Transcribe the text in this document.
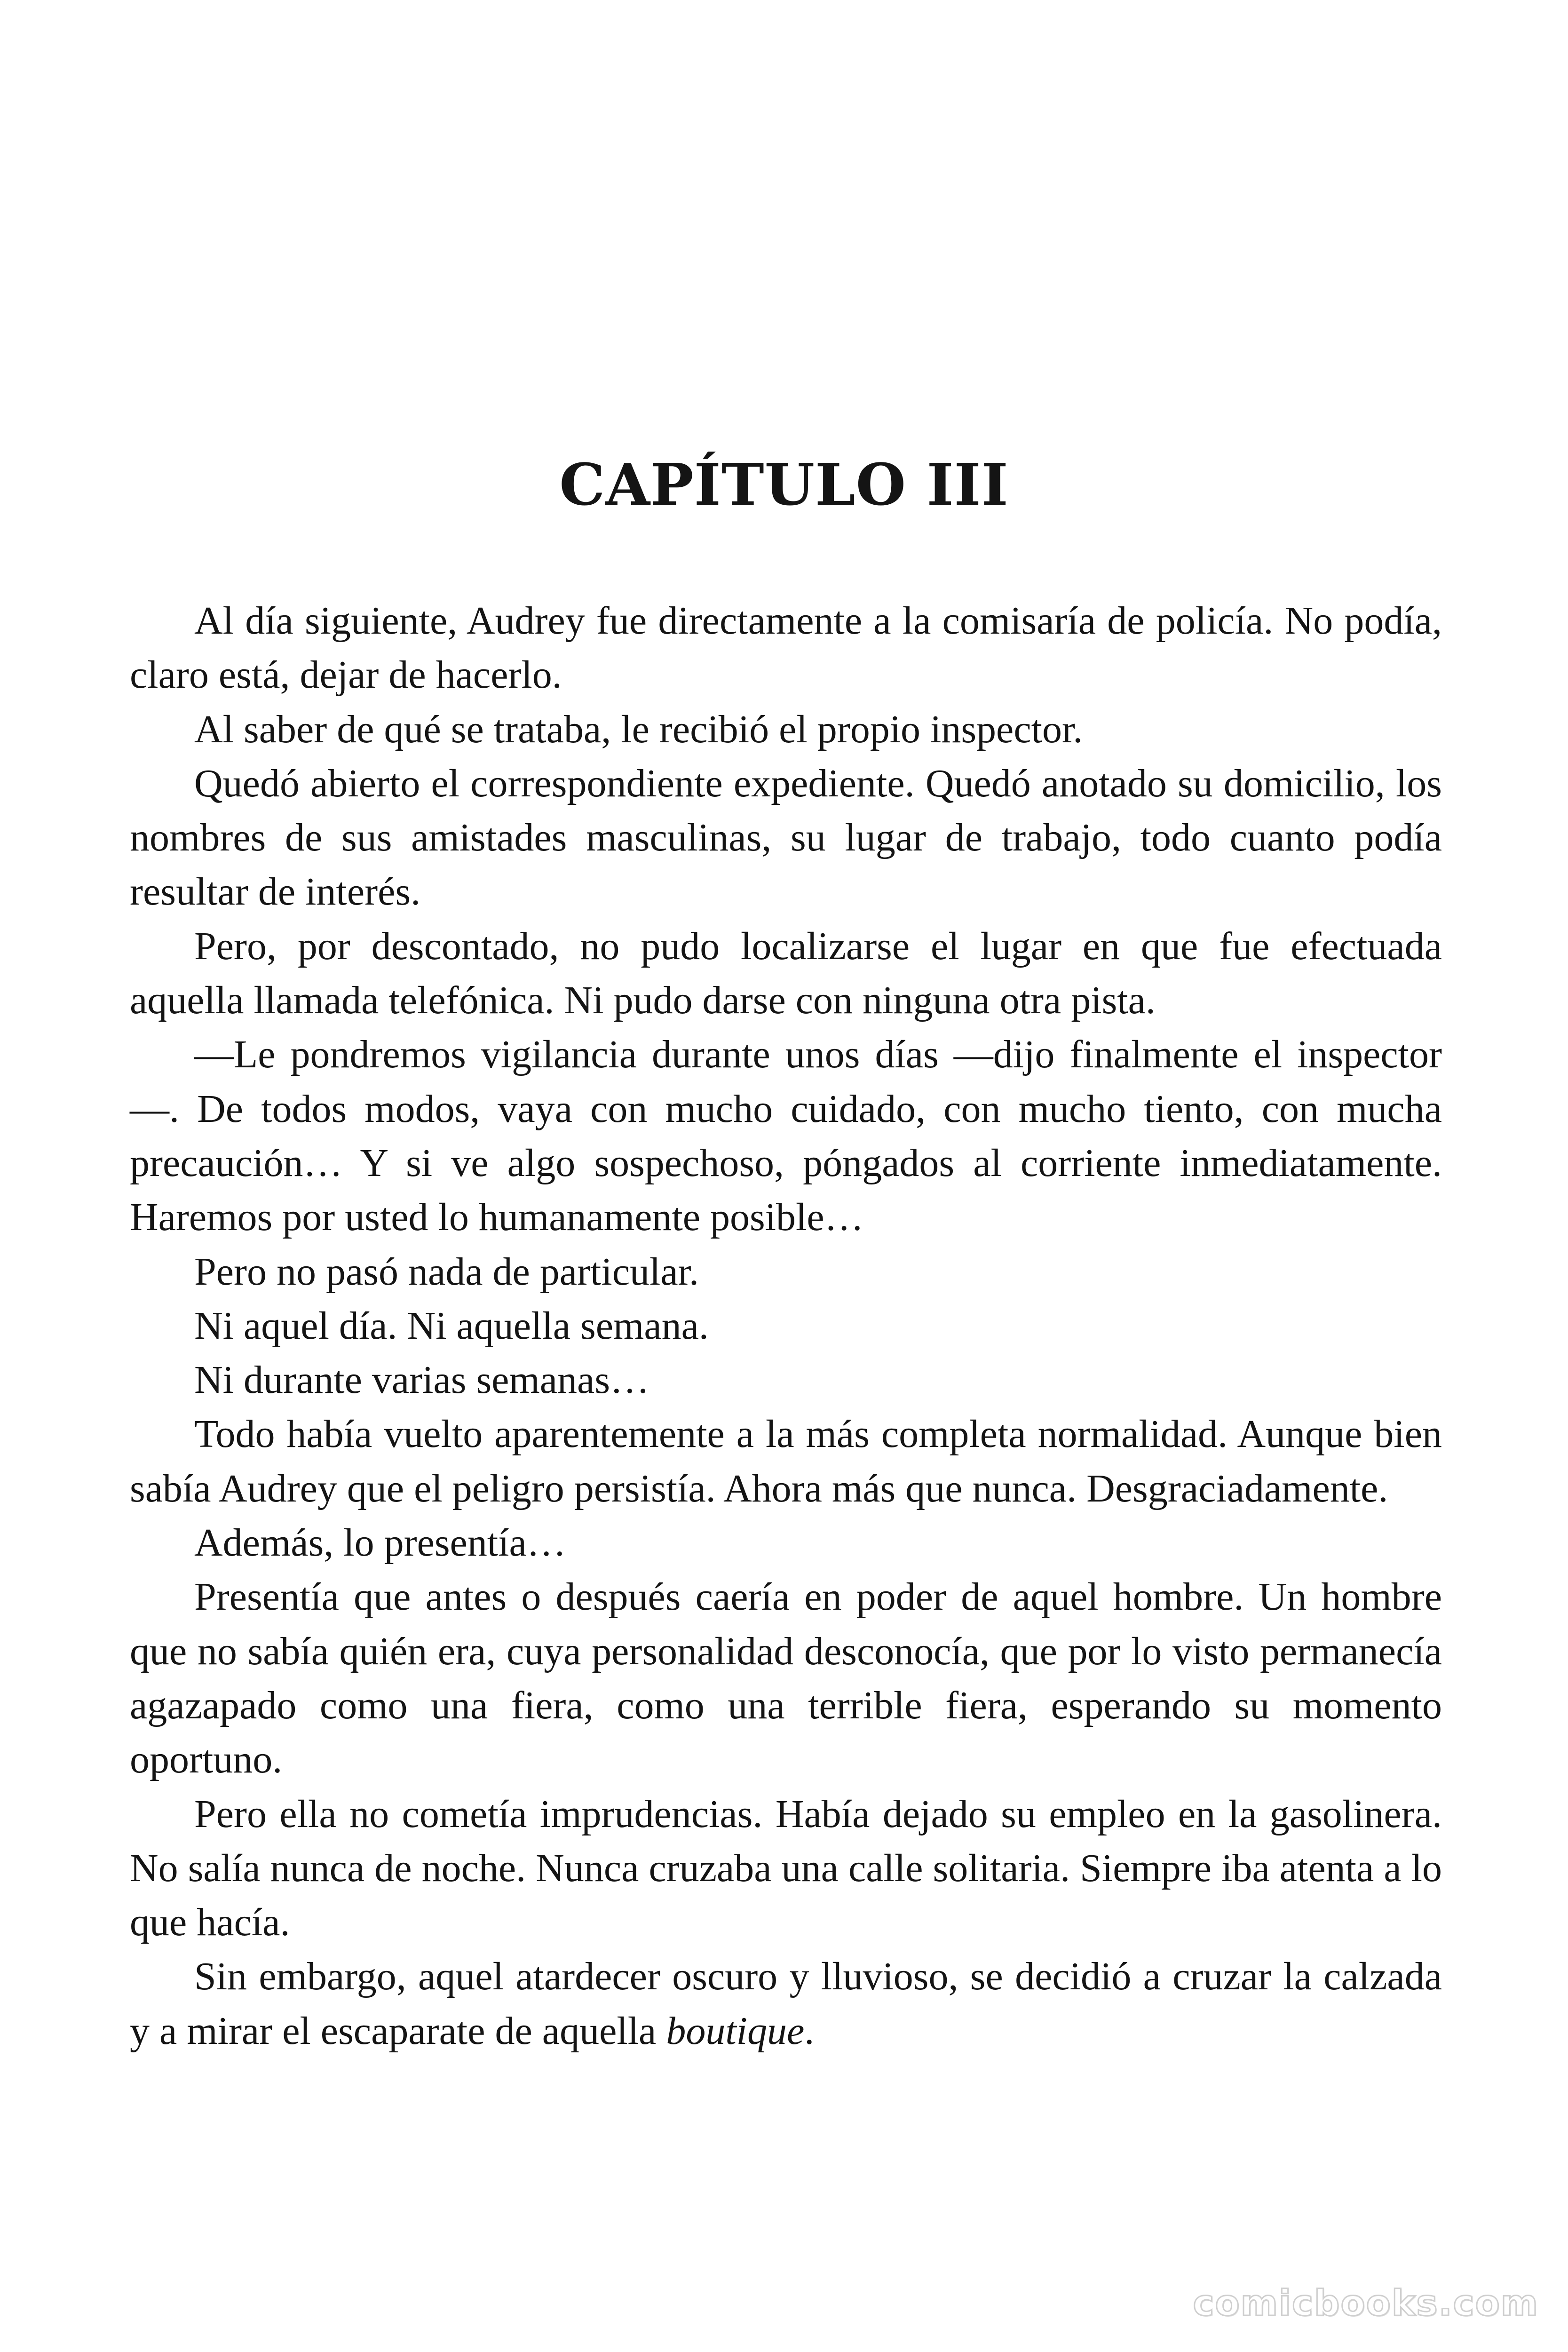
CAPÍTULO III

Al día siguiente, Audrey fue directamente a la comisaría de policía. No podía, claro está, dejar de hacerlo.

Al saber de qué se trataba, le recibió el propio inspector.

Quedó abierto el correspondiente expediente. Quedó anotado su domicilio, los nombres de sus amistades masculinas, su lugar de trabajo, todo cuanto podía resultar de interés.

Pero, por descontado, no pudo localizarse el lugar en que fue efectuada aquella llamada telefónica. Ni pudo darse con ninguna otra pista.

—Le pondremos vigilancia durante unos días —dijo finalmente el inspector—. De todos modos, vaya con mucho cuidado, con mucho tiento, con mucha precaución… Y si ve algo sospechoso, póngados al corriente inmediatamente. Haremos por usted lo humanamente posible…

Pero no pasó nada de particular.

Ni aquel día. Ni aquella semana.

Ni durante varias semanas…

Todo había vuelto aparentemente a la más completa normalidad. Aunque bien sabía Audrey que el peligro persistía. Ahora más que nunca. Desgraciadamente.

Además, lo presentía…

Presentía que antes o después caería en poder de aquel hombre. Un hombre que no sabía quién era, cuya personalidad desconocía, que por lo visto permanecía agazapado como una fiera, como una terrible fiera, esperando su momento oportuno.

Pero ella no cometía imprudencias. Había dejado su empleo en la gasolinera. No salía nunca de noche. Nunca cruzaba una calle solitaria. Siempre iba atenta a lo que hacía.

Sin embargo, aquel atardecer oscuro y lluvioso, se decidió a cruzar la calzada y a mirar el escaparate de aquella boutique.

comicbooks.com
